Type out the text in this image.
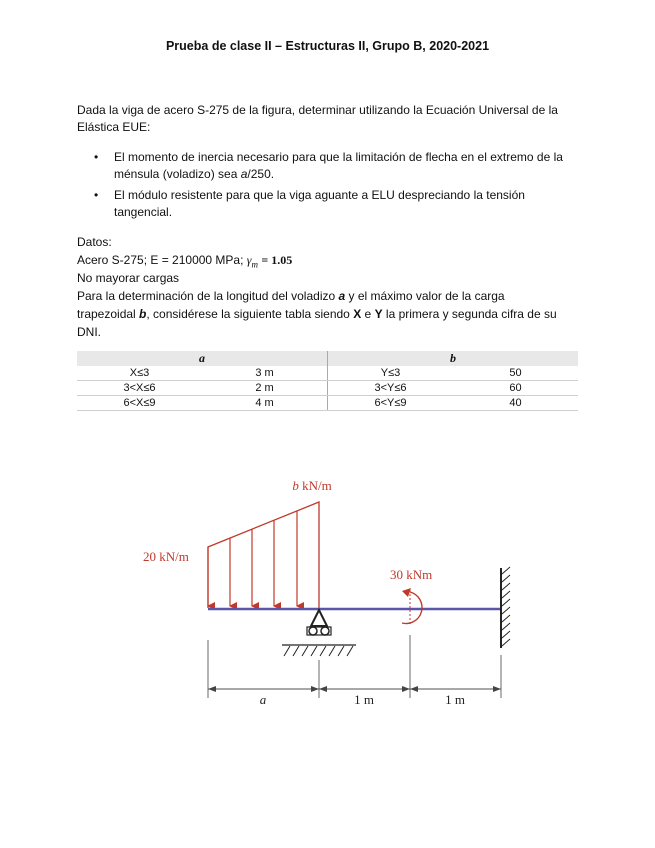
Prueba de clase II – Estructuras II, Grupo B, 2020-2021
Dada la viga de acero S-275 de la figura, determinar utilizando la Ecuación Universal de la
Elástica EUE:
• El momento de inercia necesario para que la limitación de flecha en el extremo de la
ménsula (voladizo) sea a/250.
• El módulo resistente para que la viga aguante a ELU despreciando la tensión
tangencial.
Datos:
Acero S-275; E = 210000 MPa; $\gamma_m = 1.05$
No mayorar cargas
Para la determinación de la longitud del voladizo a y el máximo valor de la carga
trapezoidal b, considérese la siguiente tabla siendo X e Y la primera y segunda cifra de su
DNI.
a		b	
X≤3	3 m	Y≤3	50
3<X≤6	2 m	3<Y≤6	60
6<X≤9	4 m	6<Y≤9	40
b kN/m
20 kN/m
30 kNm
a	1 m	1 m
